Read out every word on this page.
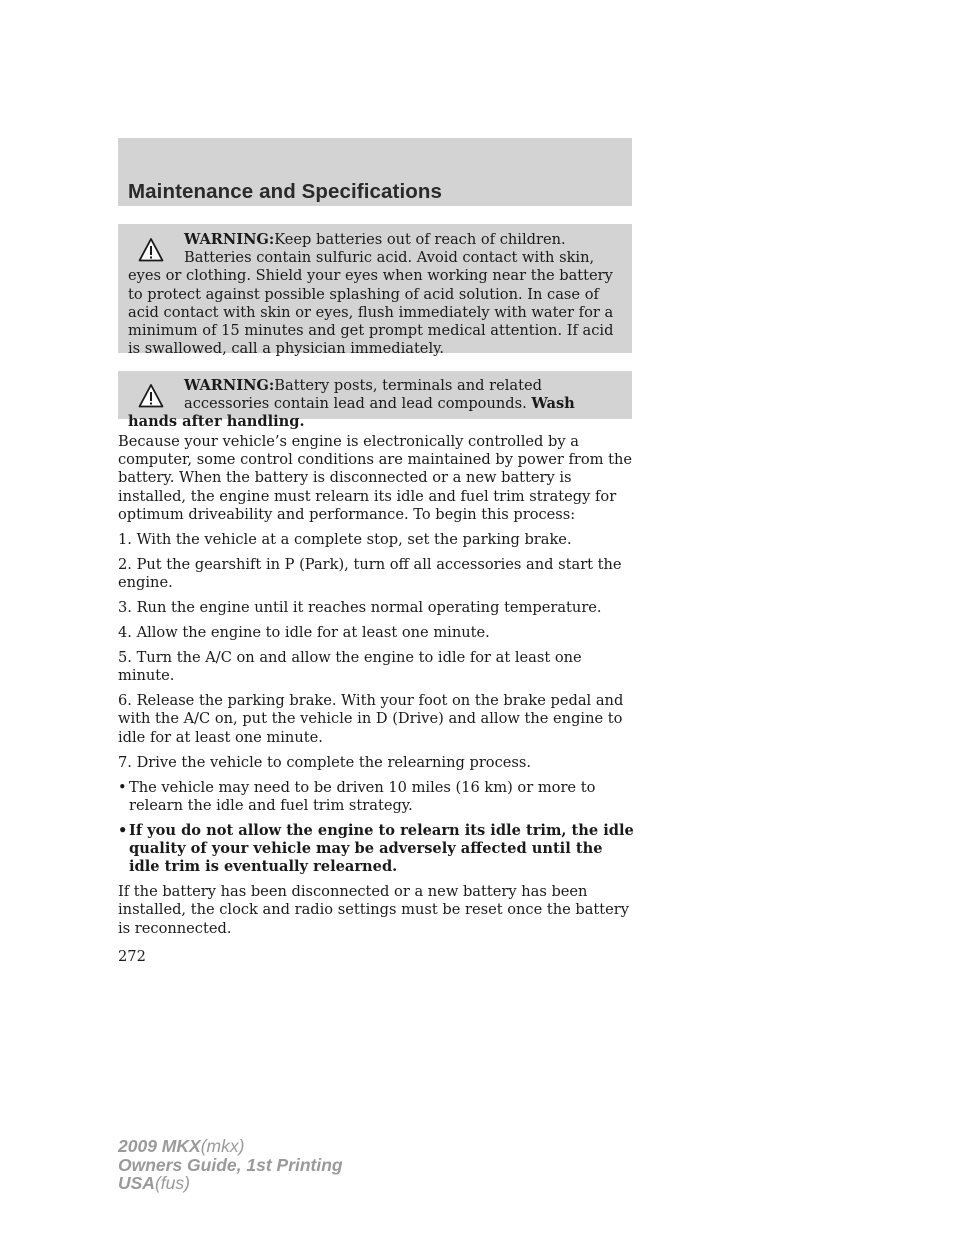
Maintenance and Specifications
WARNING:Keep batteries out of reach of children. Batteries contain sulfuric acid. Avoid contact with skin, eyes or clothing. Shield your eyes when working near the battery to protect against possible splashing of acid solution. In case of acid contact with skin or eyes, flush immediately with water for a minimum of 15 minutes and get prompt medical attention. If acid is swallowed, call a physician immediately.
WARNING:Battery posts, terminals and related accessories contain lead and lead compounds. Wash hands after handling.

Because your vehicle’s engine is electronically controlled by a computer, some control conditions are maintained by power from the battery. When the battery is disconnected or a new battery is installed, the engine must relearn its idle and fuel trim strategy for optimum driveability and performance. To begin this process:

1. With the vehicle at a complete stop, set the parking brake.

2. Put the gearshift in P (Park), turn off all accessories and start the engine.

3. Run the engine until it reaches normal operating temperature.

4. Allow the engine to idle for at least one minute.

5. Turn the A/C on and allow the engine to idle for at least one minute.

6. Release the parking brake. With your foot on the brake pedal and with the A/C on, put the vehicle in D (Drive) and allow the engine to idle for at least one minute.

7. Drive the vehicle to complete the relearning process.

• The vehicle may need to be driven 10 miles (16 km) or more to relearn the idle and fuel trim strategy.
• If you do not allow the engine to relearn its idle trim, the idle quality of your vehicle may be adversely affected until the idle trim is eventually relearned.

If the battery has been disconnected or a new battery has been installed, the clock and radio settings must be reset once the battery is reconnected.

272
2009 MKX(mkx)
Owners Guide, 1st Printing
USA(fus)
